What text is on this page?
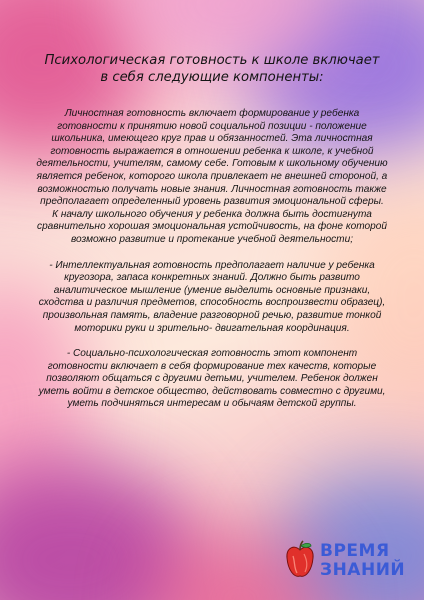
Психологическая готовность к школе включает
в себя следующие компоненты:

Личностная готовность включает формирование у ребенка готовности к принятию новой социальной позиции - положение школьника, имеющего круг прав и обязанностей. Эта личностная готовность выражается в отношении ребенка к школе, к учебной деятельности, учителям, самому себе. Готовым к школьному обучению является ребенок, которого школа привлекает не внешней стороной, а возможностью получать новые знания. Личностная готовность также предполагает определенный уровень развития эмоциональной сферы. К началу школьного обучения у ребенка должна быть достигнута сравнительно хорошая эмоциональная устойчивость, на фоне которой возможно развитие и протекание учебной деятельности;

- Интеллектуальная готовность предполагает наличие у ребенка кругозора, запаса конкретных знаний. Должно быть развито аналитическое мышление (умение выделить основные признаки, сходства и различия предметов, способность воспроизвести образец), произвольная память, владение разговорной речью, развитие тонкой моторики руки и зрительно- двигательная координация.

- Социально-психологическая готовность этот компонент готовности включает в себя формирование тех качеств, которые позволяют общаться с другими детьми, учителем. Ребенок должен уметь войти в детское общество, действовать совместно с другими, уметь подчиняться интересам и обычаям детской группы.

ВРЕМЯ
ЗНАНИЙ
